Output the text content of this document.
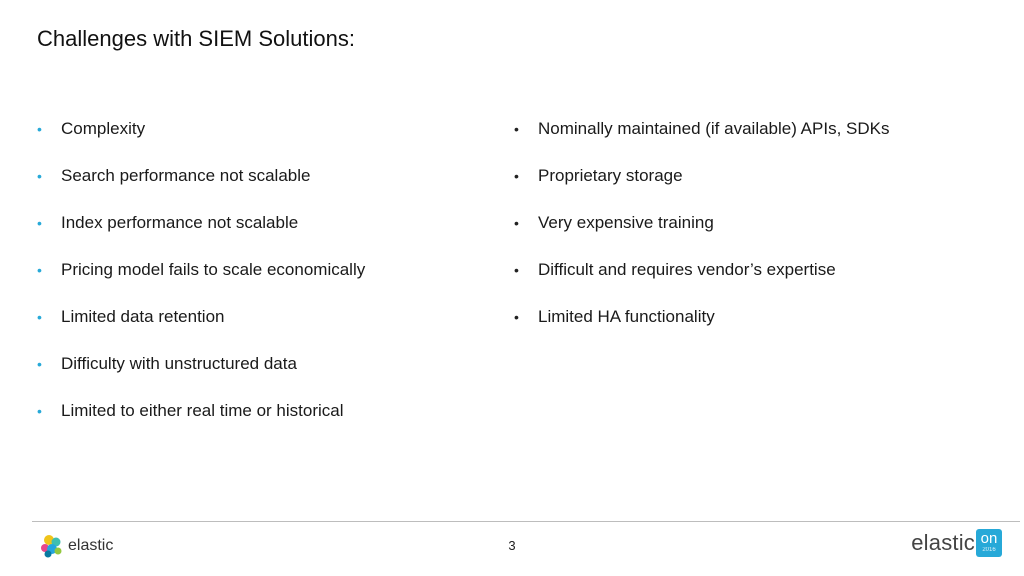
Challenges with SIEM Solutions:
•	Complexity
•	Search performance not scalable
•	Index performance not scalable
•	Pricing model fails to scale economically
•	Limited data retention
•	Difficulty with unstructured data
•	Limited to either real time or historical
•	Nominally maintained (if available) APIs, SDKs
•	Proprietary storage
•	Very expensive training
•	Difficult and requires vendor’s expertise
•	Limited HA functionality
elastic	3	elastic on
2016
